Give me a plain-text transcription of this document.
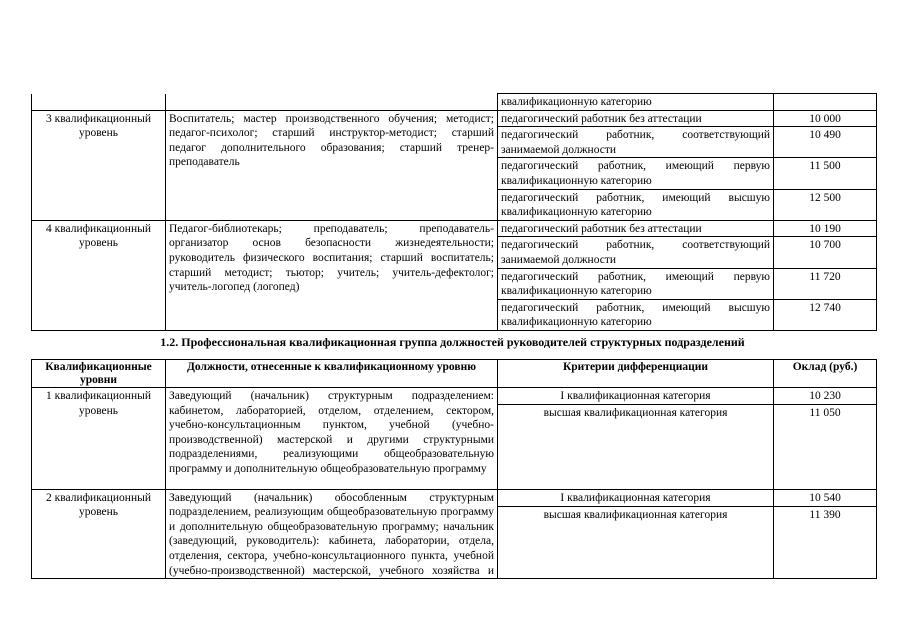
		квалификационную категорию	
3 квалификационный уровень	Воспитатель; мастер производственного обучения; методист; педагог-психолог; старший инструктор-методист; старший педагог дополнительного образования; старший тренер-преподаватель	педагогический работник без аттестации	10 000
		педагогический работник, соответствующий занимаемой должности	10 490
		педагогический работник, имеющий первую квалификационную категорию	11 500
		педагогический работник, имеющий высшую квалификационную категорию	12 500
4 квалификационный уровень	Педагог-библиотекарь; преподаватель; преподаватель-организатор основ безопасности жизнедеятельности; руководитель физического воспитания; старший воспитатель; старший методист; тьютор; учитель; учитель-дефектолог; учитель-логопед (логопед)	педагогический работник без аттестации	10 190
		педагогический работник, соответствующий занимаемой должности	10 700
		педагогический работник, имеющий первую квалификационную категорию	11 720
		педагогический работник, имеющий высшую квалификационную категорию	12 740
1.2. Профессиональная квалификационная группа должностей руководителей структурных подразделений
Квалификационные уровни	Должности, отнесенные к квалификационному уровню	Критерии дифференциации	Оклад (руб.)
1 квалификационный уровень	Заведующий (начальник) структурным подразделением: кабинетом, лабораторией, отделом, отделением, сектором, учебно-консультационным пунктом, учебной (учебно-производственной) мастерской и другими структурными подразделениями, реализующими общеобразовательную программу и дополнительную общеобразовательную программу	I квалификационная категория	10 230
		высшая квалификационная категория	11 050
2 квалификационный уровень	Заведующий (начальник) обособленным структурным подразделением, реализующим общеобразовательную программу и дополнительную общеобразовательную программу; начальник (заведующий, руководитель): кабинета, лаборатории, отдела, отделения, сектора, учебно-консультационного пункта, учебной (учебно-производственной) мастерской, учебного хозяйства и	I квалификационная категория	10 540
		высшая квалификационная категория	11 390
